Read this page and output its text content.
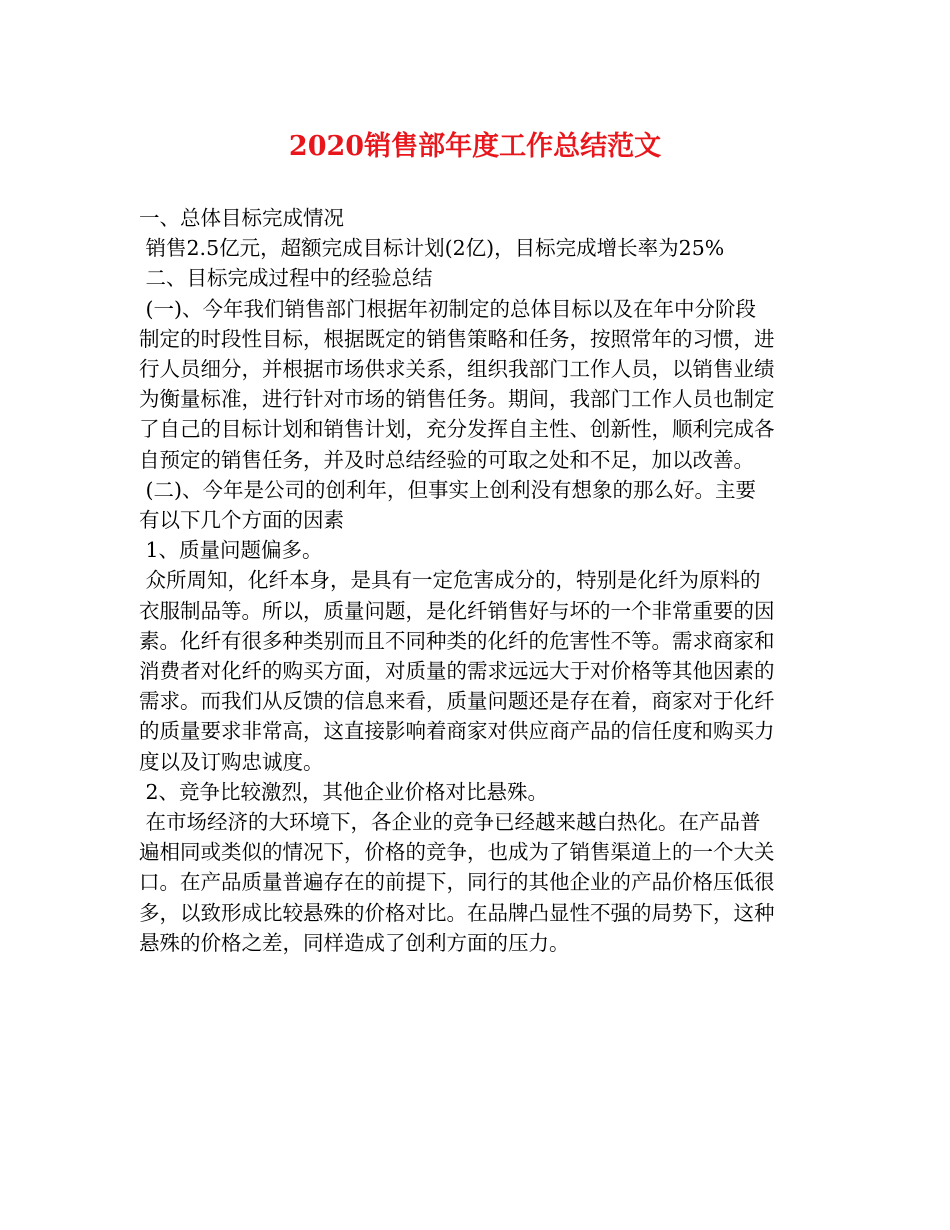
2020销售部年度工作总结范文
一、总体目标完成情况
销售2.5亿元，超额完成目标计划(2亿)，目标完成增长率为25%
二、目标完成过程中的经验总结
(一)、今年我们销售部门根据年初制定的总体目标以及在年中分阶段
制定的时段性目标，根据既定的销售策略和任务，按照常年的习惯，进
行人员细分，并根据市场供求关系，组织我部门工作人员，以销售业绩
为衡量标准，进行针对市场的销售任务。期间，我部门工作人员也制定
了自己的目标计划和销售计划，充分发挥自主性、创新性，顺利完成各
自预定的销售任务，并及时总结经验的可取之处和不足，加以改善。
(二)、今年是公司的创利年，但事实上创利没有想象的那么好。主要
有以下几个方面的因素
1、质量问题偏多。
众所周知，化纤本身，是具有一定危害成分的，特别是化纤为原料的
衣服制品等。所以，质量问题，是化纤销售好与坏的一个非常重要的因
素。化纤有很多种类别而且不同种类的化纤的危害性不等。需求商家和
消费者对化纤的购买方面，对质量的需求远远大于对价格等其他因素的
需求。而我们从反馈的信息来看，质量问题还是存在着，商家对于化纤
的质量要求非常高，这直接影响着商家对供应商产品的信任度和购买力
度以及订购忠诚度。
2、竞争比较激烈，其他企业价格对比悬殊。
在市场经济的大环境下，各企业的竞争已经越来越白热化。在产品普
遍相同或类似的情况下，价格的竞争，也成为了销售渠道上的一个大关
口。在产品质量普遍存在的前提下，同行的其他企业的产品价格压低很
多，以致形成比较悬殊的价格对比。在品牌凸显性不强的局势下，这种
悬殊的价格之差，同样造成了创利方面的压力。
